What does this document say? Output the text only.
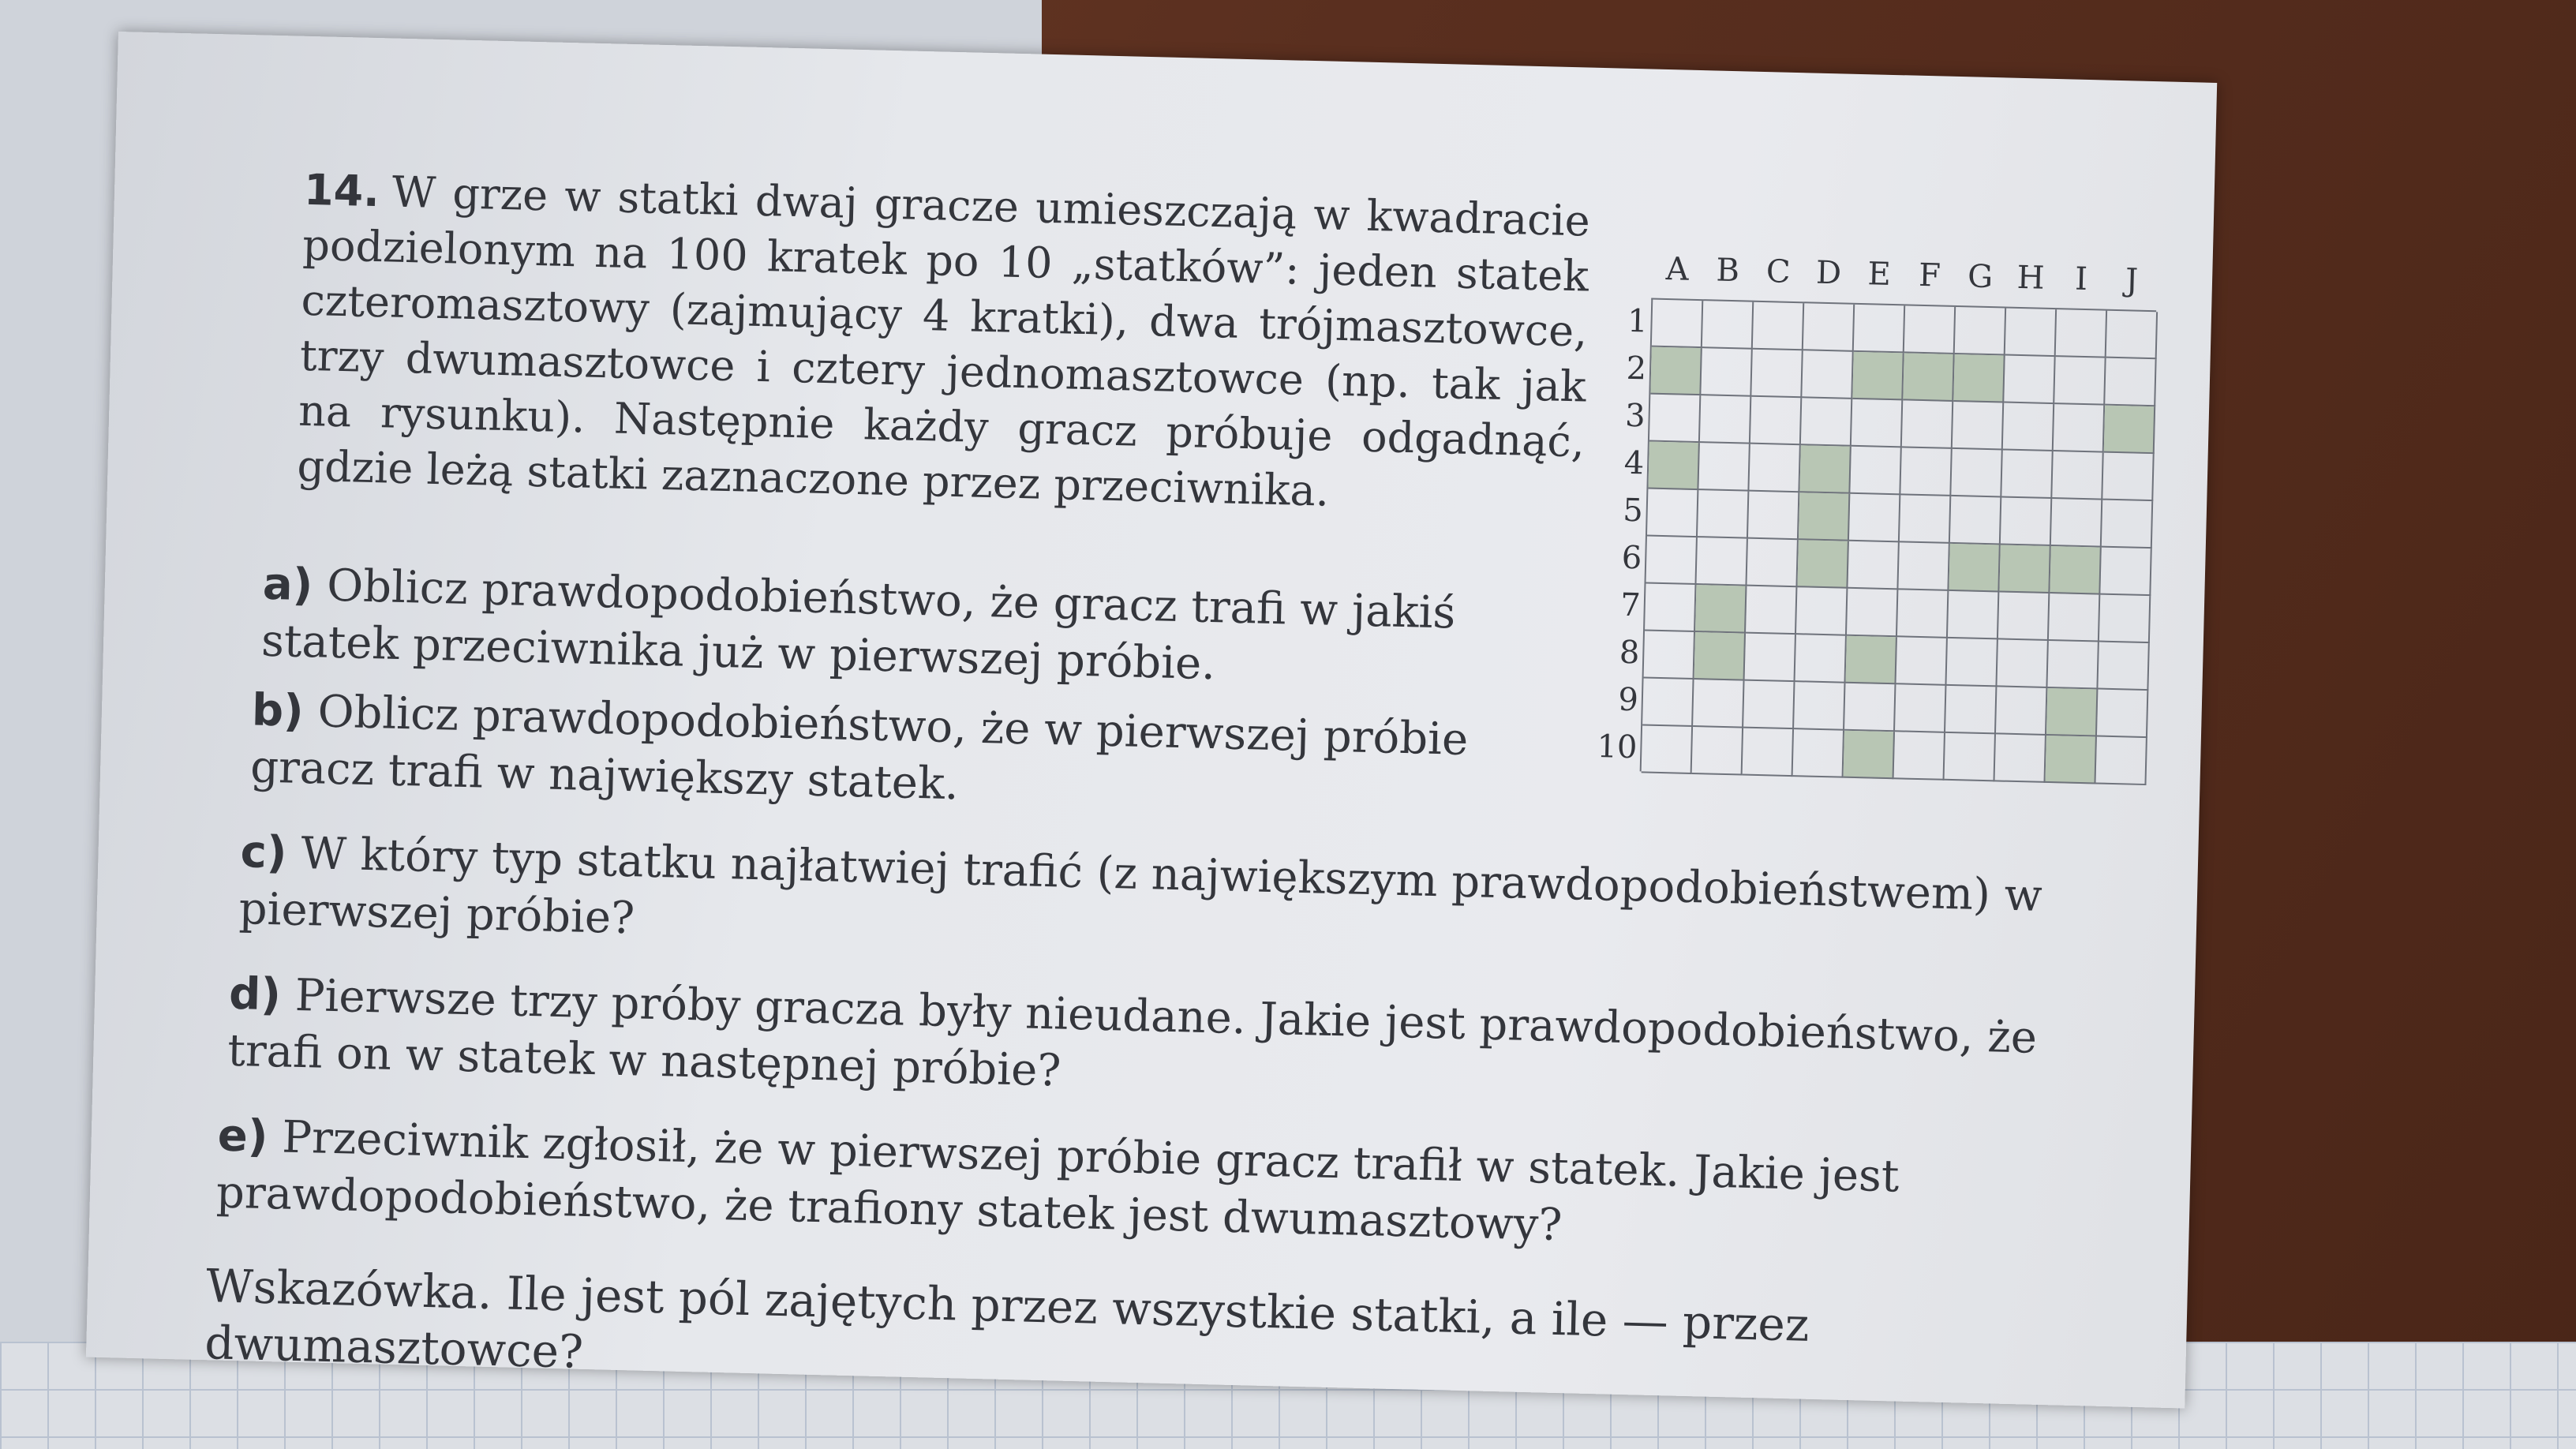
14. W grze w statki dwaj gracze umieszczają w kwadracie podzielonym na 100 kratek po 10 „statków”: jeden statek czteromasztowy (zajmujący 4 kratki), dwa trójmasztowce, trzy dwumasztowce i cztery jednomasztowce (np. tak jak na rysunku). Następnie każdy gracz próbuje odgadnąć, gdzie leżą statki zaznaczone przez przeciwnika.
a) Oblicz prawdopodobieństwo, że gracz trafi w jakiś statek przeciwnika już w pierwszej próbie.
b) Oblicz prawdopodobieństwo, że w pierwszej próbie gracz trafi w największy statek.
c) W który typ statku najłatwiej trafić (z największym prawdopodobieństwem) w pierwszej próbie?
d) Pierwsze trzy próby gracza były nieudane. Jakie jest prawdopodobieństwo, że trafi on w statek w następnej próbie?
e) Przeciwnik zgłosił, że w pierwszej próbie gracz trafił w statek. Jakie jest prawdopodobieństwo, że trafiony statek jest dwumasztowy?
Wskazówka. Ile jest pól zajętych przez wszystkie statki, a ile — przez dwumasztowce?
A B C D E F G H I	J
1
2
3
4
5
6
7
8
9
10
